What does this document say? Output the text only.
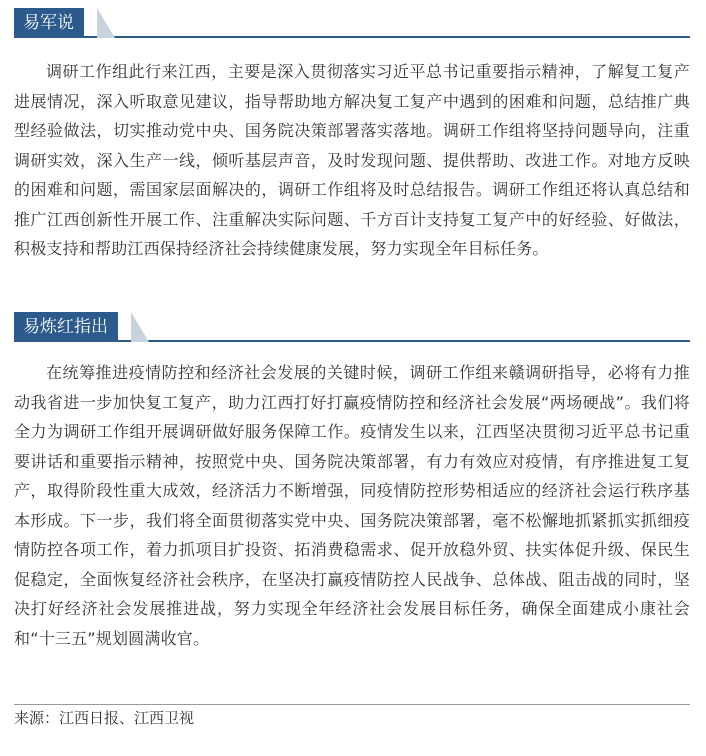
易军说

调研工作组此行来江西，主要是深入贯彻落实习近平总书记重要指示精神，了解复工复产进展情况，深入听取意见建议，指导帮助地方解决复工复产中遇到的困难和问题，总结推广典型经验做法，切实推动党中央、国务院决策部署落实落地。调研工作组将坚持问题导向，注重调研实效，深入生产一线，倾听基层声音，及时发现问题、提供帮助、改进工作。对地方反映的困难和问题，需国家层面解决的，调研工作组将及时总结报告。调研工作组还将认真总结和推广江西创新性开展工作、注重解决实际问题、千方百计支持复工复产中的好经验、好做法，积极支持和帮助江西保持经济社会持续健康发展，努力实现全年目标任务。

易炼红指出

在统筹推进疫情防控和经济社会发展的关键时候，调研工作组来赣调研指导，必将有力推动我省进一步加快复工复产，助力江西打好打赢疫情防控和经济社会发展“两场硬战”。我们将全力为调研工作组开展调研做好服务保障工作。疫情发生以来，江西坚决贯彻习近平总书记重要讲话和重要指示精神，按照党中央、国务院决策部署，有力有效应对疫情，有序推进复工复产，取得阶段性重大成效，经济活力不断增强，同疫情防控形势相适应的经济社会运行秩序基本形成。下一步，我们将全面贯彻落实党中央、国务院决策部署，毫不松懈地抓紧抓实抓细疫情防控各项工作，着力抓项目扩投资、拓消费稳需求、促开放稳外贸、扶实体促升级、保民生促稳定，全面恢复经济社会秩序，在坚决打赢疫情防控人民战争、总体战、阻击战的同时，坚决打好经济社会发展推进战，努力实现全年经济社会发展目标任务，确保全面建成小康社会和“十三五”规划圆满收官。

来源：江西日报、江西卫视
